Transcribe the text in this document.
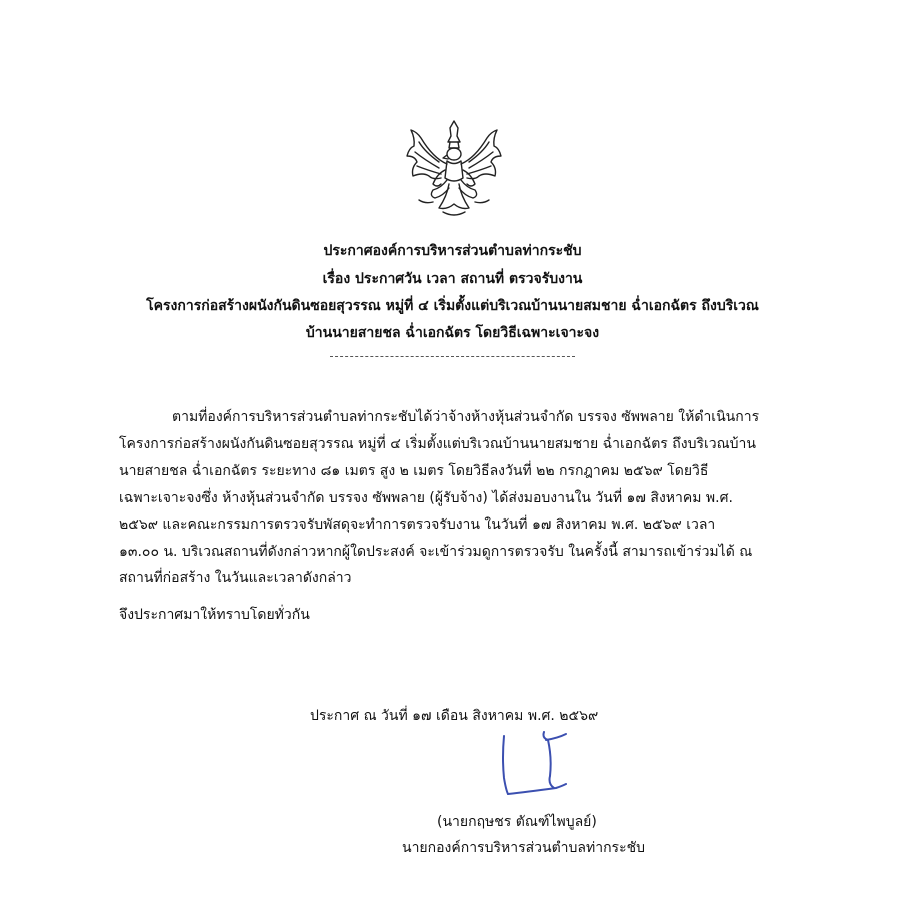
ประกาศองค์การบริหารส่วนตำบลท่ากระชับ
เรื่อง ประกาศวัน เวลา สถานที่ ตรวจรับงาน
โครงการก่อสร้างผนังกันดินซอยสุวรรณ หมู่ที่ ๔ เริ่มตั้งแต่บริเวณบ้านนายสมชาย ฉ่ำเอกฉัตร ถึงบริเวณ
บ้านนายสายชล ฉ่ำเอกฉัตร โดยวิธีเฉพาะเจาะจง
ตามที่องค์การบริหารส่วนตำบลท่ากระชับได้ว่าจ้างห้างหุ้นส่วนจำกัด บรรจง ซัพพลาย ให้ดำเนินการ
โครงการก่อสร้างผนังกันดินซอยสุวรรณ หมู่ที่ ๔ เริ่มตั้งแต่บริเวณบ้านนายสมชาย ฉ่ำเอกฉัตร ถึงบริเวณบ้าน
นายสายชล ฉ่ำเอกฉัตร ระยะทาง ๘๑ เมตร สูง ๒ เมตร โดยวิธีลงวันที่ ๒๒ กรกฎาคม ๒๕๖๙ โดยวิธี
เฉพาะเจาะจงซึ่ง ห้างหุ้นส่วนจำกัด บรรจง ซัพพลาย (ผู้รับจ้าง) ได้ส่งมอบงานใน วันที่ ๑๗ สิงหาคม พ.ศ.
๒๕๖๙ และคณะกรรมการตรวจรับพัสดุจะทำการตรวจรับงาน ในวันที่ ๑๗ สิงหาคม พ.ศ. ๒๕๖๙ เวลา
๑๓.๐๐ น. บริเวณสถานที่ดังกล่าวหากผู้ใดประสงค์ จะเข้าร่วมดูการตรวจรับ ในครั้งนี้ สามารถเข้าร่วมได้ ณ
สถานที่ก่อสร้าง ในวันและเวลาดังกล่าว
จึงประกาศมาให้ทราบโดยทั่วกัน
ประกาศ ณ วันที่ ๑๗ เดือน สิงหาคม พ.ศ. ๒๕๖๙
(นายกฤษชร ตัณฑ์ไพบูลย์)
นายกองค์การบริหารส่วนตำบลท่ากระชับ
